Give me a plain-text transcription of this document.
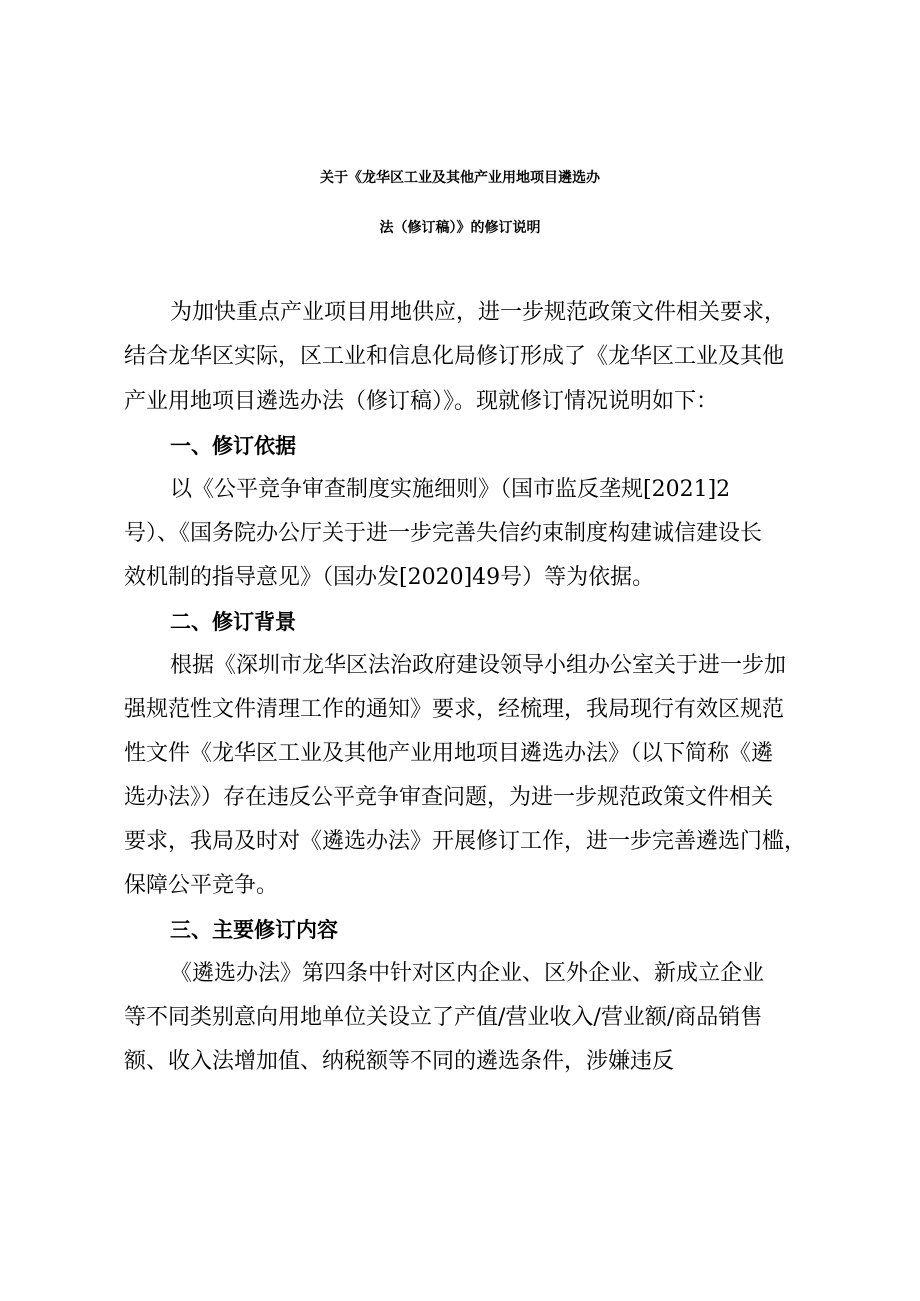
关于《龙华区工业及其他产业用地项目遴选办
法（修订稿）》的修订说明

为加快重点产业项目用地供应，进一步规范政策文件相关要求，

结合龙华区实际，区工业和信息化局修订形成了《龙华区工业及其他

产业用地项目遴选办法（修订稿）》。现就修订情况说明如下：

一、修订依据

以《公平竞争审查制度实施细则》（国市监反垄规[2021]2

号）、《国务院办公厅关于进一步完善失信约束制度构建诚信建设长

效机制的指导意见》（国办发[2020]49号）等为依据。

二、修订背景

根据《深圳市龙华区法治政府建设领导小组办公室关于进一步加

强规范性文件清理工作的通知》要求，经梳理，我局现行有效区规范

性文件《龙华区工业及其他产业用地项目遴选办法》（以下简称《遴

选办法》）存在违反公平竞争审查问题，为进一步规范政策文件相关

要求，我局及时对《遴选办法》开展修订工作，进一步完善遴选门槛，

保障公平竞争。

三、主要修订内容

《遴选办法》第四条中针对区内企业、区外企业、新成立企业

等不同类别意向用地单位关设立了产值/营业收入/营业额/商品销售

额、收入法增加值、纳税额等不同的遴选条件，涉嫌违反
